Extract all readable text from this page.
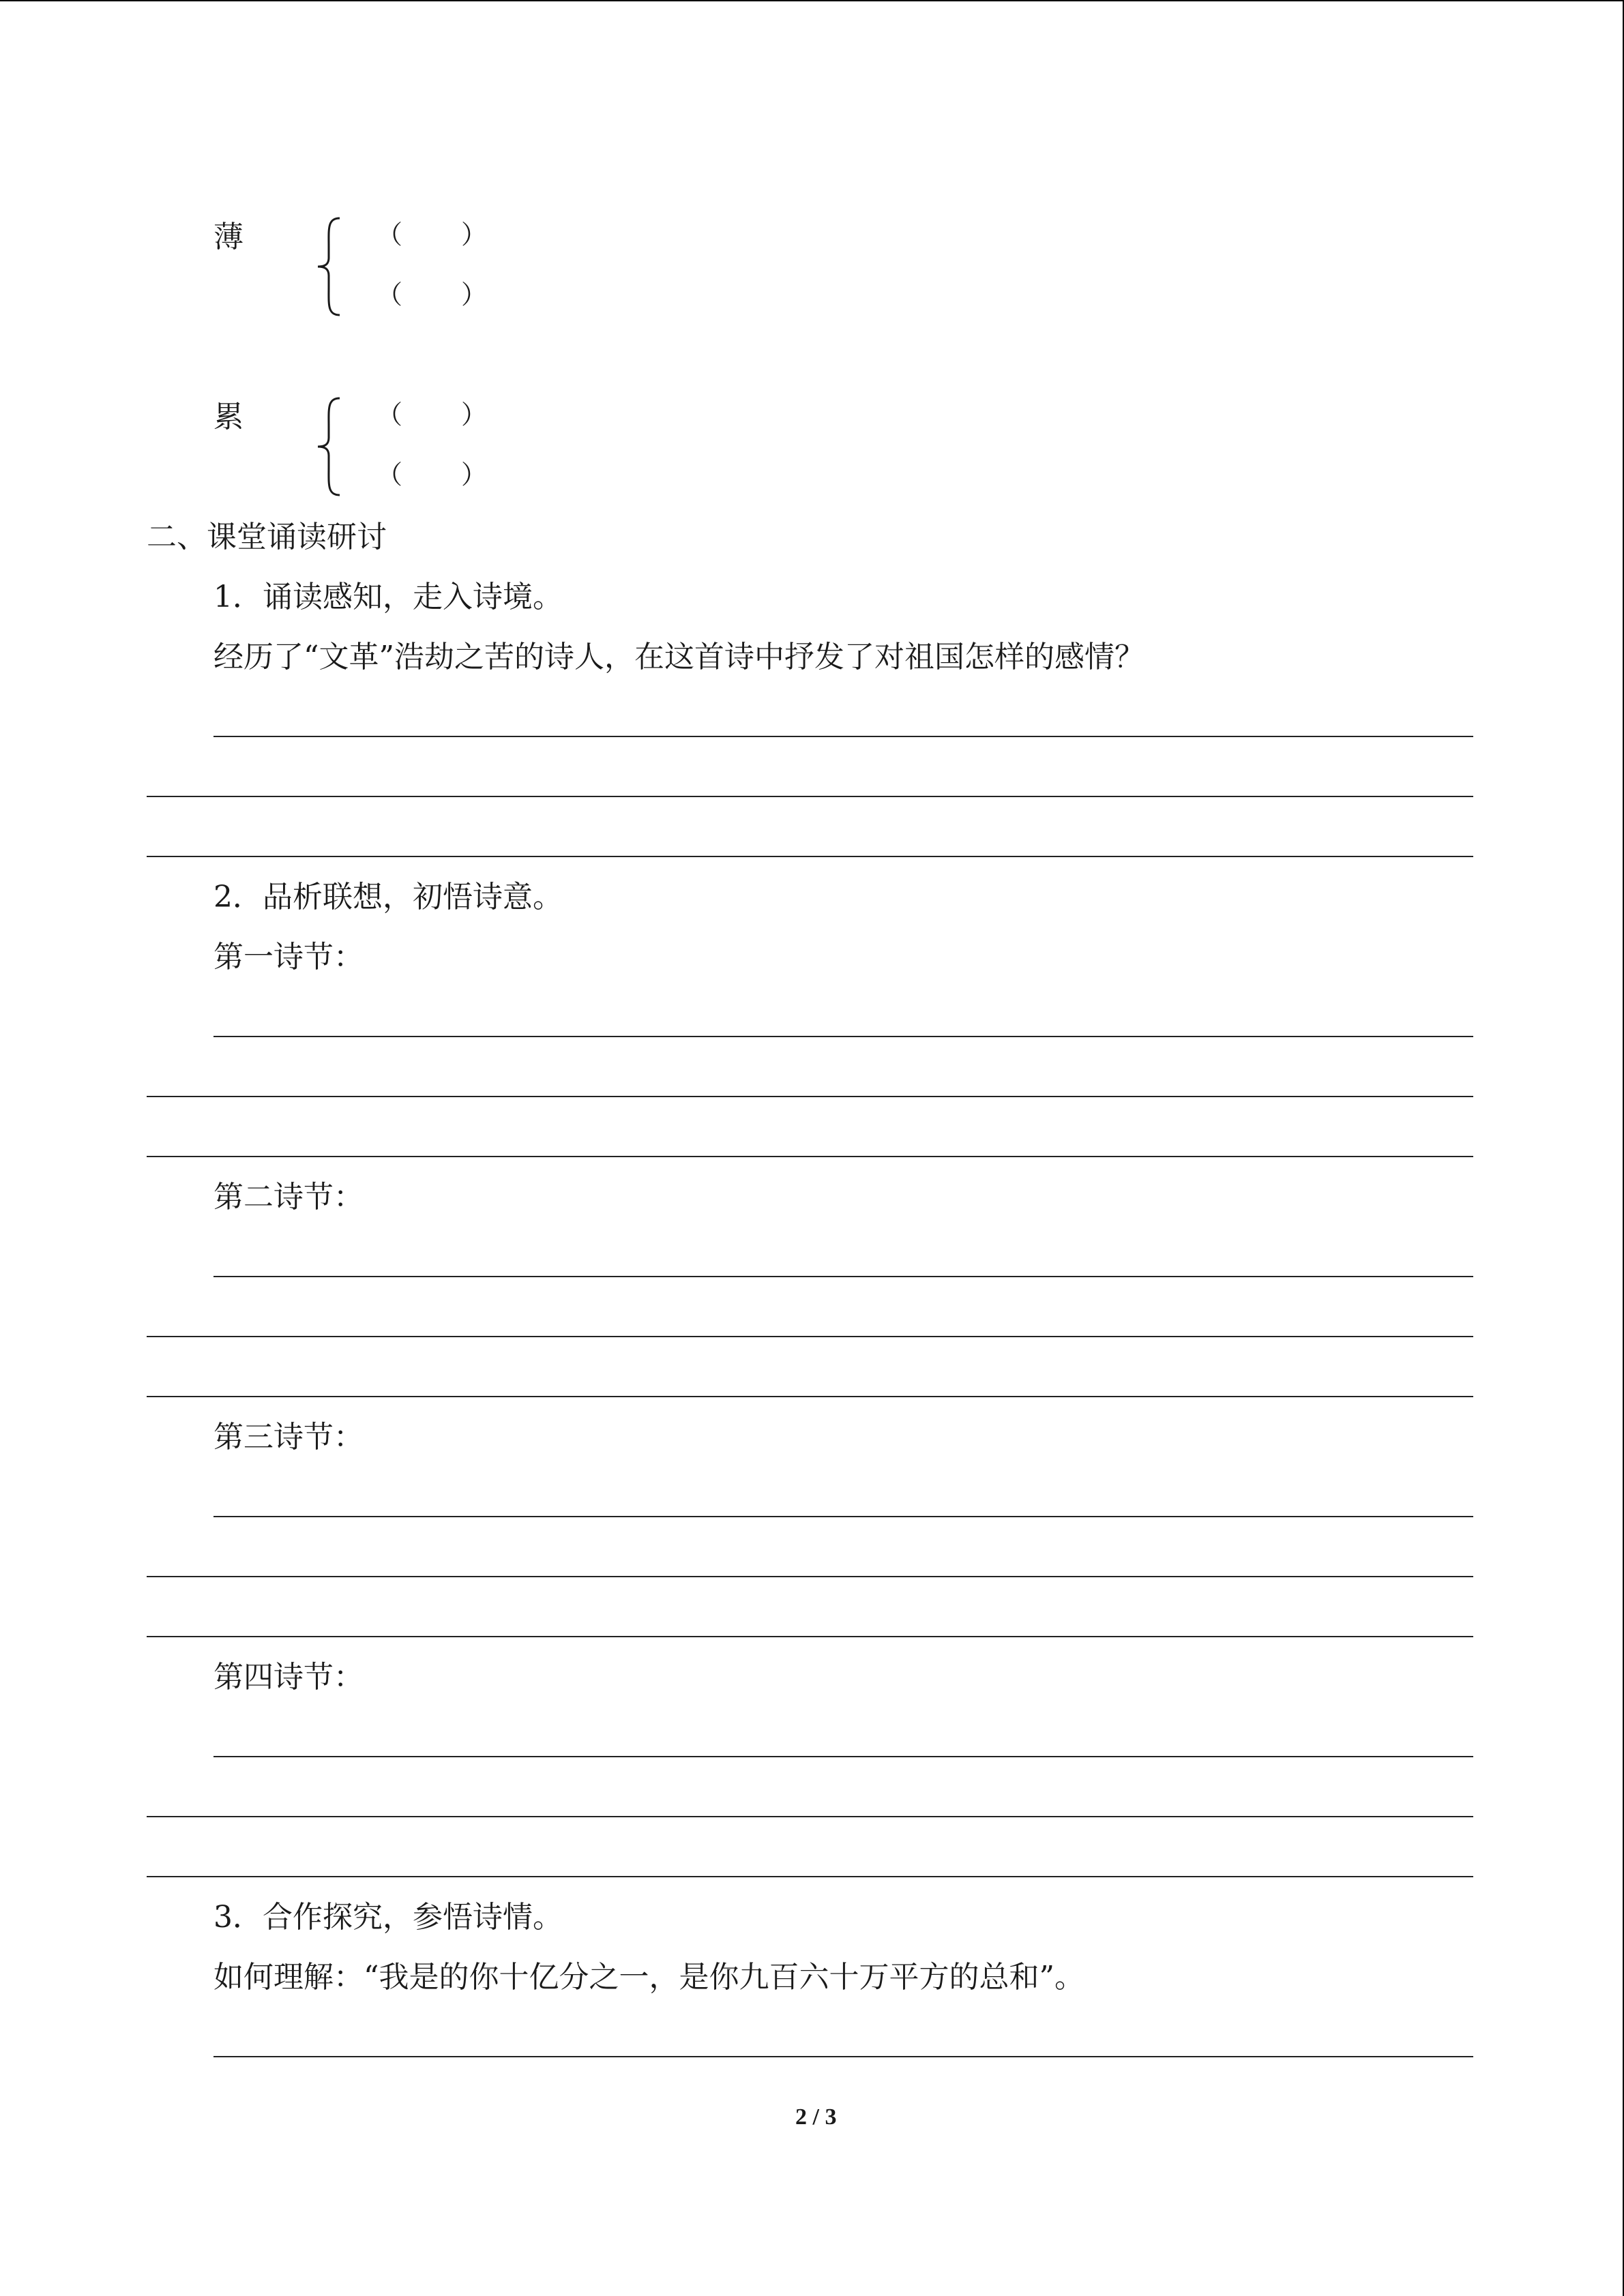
薄	（ ）
（ ）
累	（ ）
（ ）
二、课堂诵读研讨
1．诵读感知，走入诗境。
经历了“文革”浩劫之苦的诗人，在这首诗中抒发了对祖国怎样的感情？
2．品析联想，初悟诗意。
第一诗节：
第二诗节：
第三诗节：
第四诗节：
3．合作探究，参悟诗情。
如何理解：“我是的你十亿分之一，是你九百六十万平方的总和”。
2 / 3
